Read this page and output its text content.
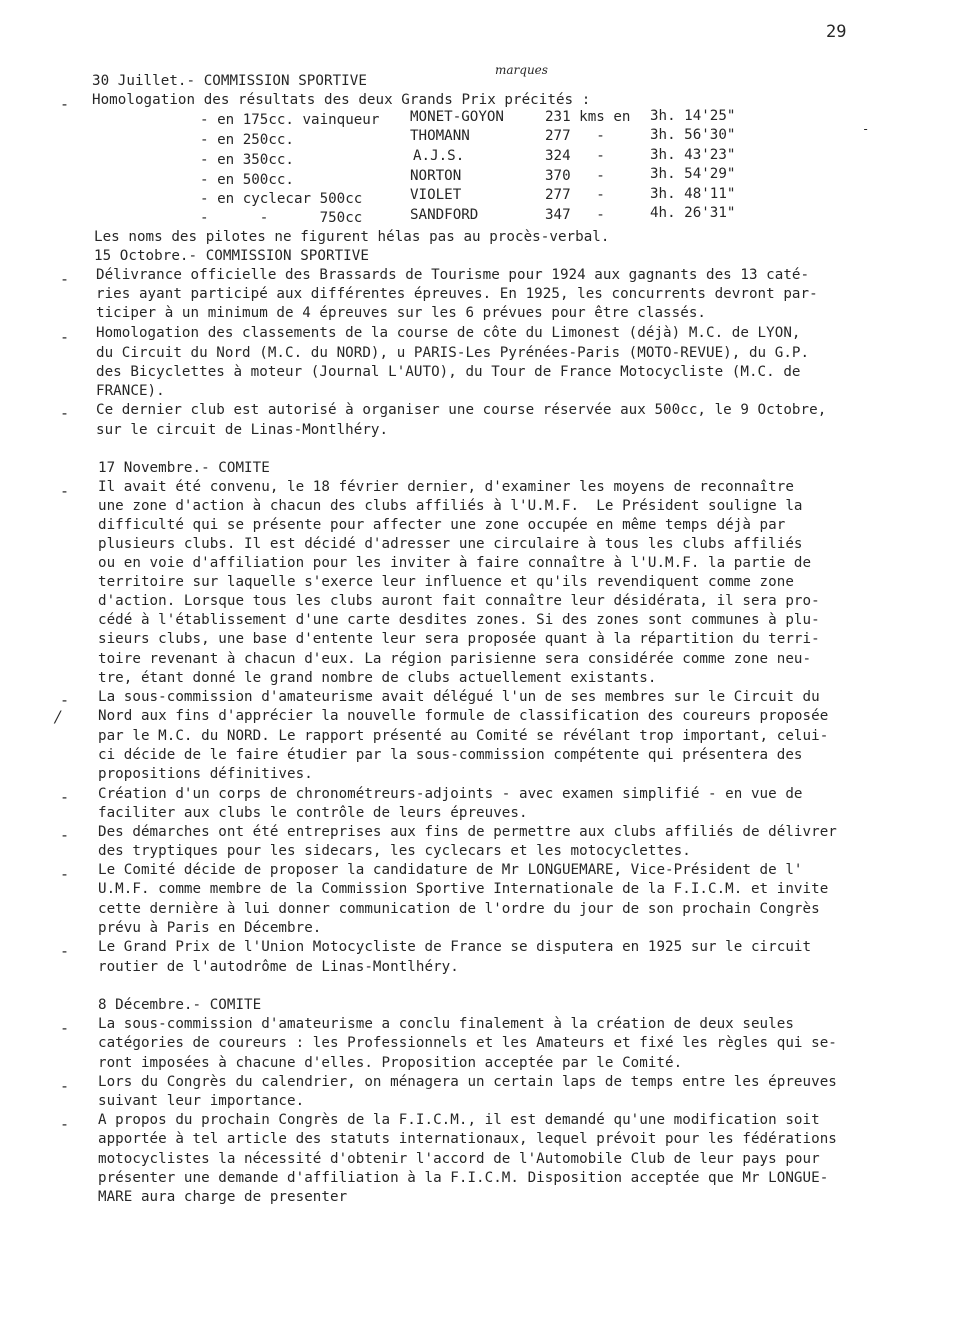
29
marques
30 Juillet.- COMMISSION SPORTIVE
- Homologation des résultats des deux Grands Prix précités :
- en 175cc. vainqueur MONET-GOYON	231 kms en 3h. 14'25"
- en 250cc.	THOMANN	277   -	3h. 56'30"
- en 350cc.	A.J.S.	324   -	3h. 43'23"
- en 500cc.	NORTON	370   -	3h. 54'29"
- en cyclecar 500cc	VIOLET	277   -	3h. 48'11"
-      -      750cc	SANDFORD	347   -	4h. 26'31"
-
Les noms des pilotes ne figurent hélas pas au procès-verbal.
15 Octobre.- COMMISSION SPORTIVE
- Délivrance officielle des Brassards de Tourisme pour 1924 aux gagnants des 13 caté-
ries ayant participé aux différentes épreuves. En 1925, les concurrents devront par-
ticiper à un minimum de 4 épreuves sur les 6 prévues pour être classés.
- Homologation des classements de la course de côte du Limonest (déjà) M.C. de LYON,
du Circuit du Nord (M.C. du NORD), u PARIS-Les Pyrénées-Paris (MOTO-REVUE), du G.P.
des Bicyclettes à moteur (Journal L'AUTO), du Tour de France Motocycliste (M.C. de
FRANCE).
- Ce dernier club est autorisé à organiser une course réservée aux 500cc, le 9 Octobre,
sur le circuit de Linas-Montlhéry.
17 Novembre.- COMITE
- Il avait été convenu, le 18 février dernier, d'examiner les moyens de reconnaître
une zone d'action à chacun des clubs affiliés à l'U.M.F.  Le Président souligne la
difficulté qui se présente pour affecter une zone occupée en même temps déjà par
plusieurs clubs. Il est décidé d'adresser une circulaire à tous les clubs affiliés
ou en voie d'affiliation pour les inviter à faire connaître à l'U.M.F. la partie de
territoire sur laquelle s'exerce leur influence et qu'ils revendiquent comme zone
d'action. Lorsque tous les clubs auront fait connaître leur désidérata, il sera pro-
cédé à l'établissement d'une carte desdites zones. Si des zones sont communes à plu-
sieurs clubs, une base d'entente leur sera proposée quant à la répartition du terri-
toire revenant à chacun d'eux. La région parisienne sera considérée comme zone neu-
tre, étant donné le grand nombre de clubs actuellement existants.
- La sous-commission d'amateurisme avait délégué l'un de ses membres sur le Circuit du
/	Nord aux fins d'apprécier la nouvelle formule de classification des coureurs proposée
par le M.C. du NORD. Le rapport présenté au Comité se révélant trop important, celui-
ci décide de le faire étudier par la sous-commission compétente qui présentera des
propositions définitives.
- Création d'un corps de chronométreurs-adjoints - avec examen simplifié - en vue de
faciliter aux clubs le contrôle de leurs épreuves.
- Des démarches ont été entreprises aux fins de permettre aux clubs affiliés de délivrer
des tryptiques pour les sidecars, les cyclecars et les motocyclettes.
- Le Comité décide de proposer la candidature de Mr LONGUEMARE, Vice-Président de l'
U.M.F. comme membre de la Commission Sportive Internationale de la F.I.C.M. et invite
cette dernière à lui donner communication de l'ordre du jour de son prochain Congrès
prévu à Paris en Décembre.
- Le Grand Prix de l'Union Motocycliste de France se disputera en 1925 sur le circuit
routier de l'autodrôme de Linas-Montlhéry.
8 Décembre.- COMITE
- La sous-commission d'amateurisme a conclu finalement à la création de deux seules
catégories de coureurs : les Professionnels et les Amateurs et fixé les règles qui se-
ront imposées à chacune d'elles. Proposition acceptée par le Comité.
- Lors du Congrès du calendrier, on ménagera un certain laps de temps entre les épreuves
suivant leur importance.
- A propos du prochain Congrès de la F.I.C.M., il est demandé qu'une modification soit
apportée à tel article des statuts internationaux, lequel prévoit pour les fédérations
motocyclistes la nécessité d'obtenir l'accord de l'Automobile Club de leur pays pour
présenter une demande d'affiliation à la F.I.C.M. Disposition acceptée que Mr LONGUE-
MARE aura charge de presenter
